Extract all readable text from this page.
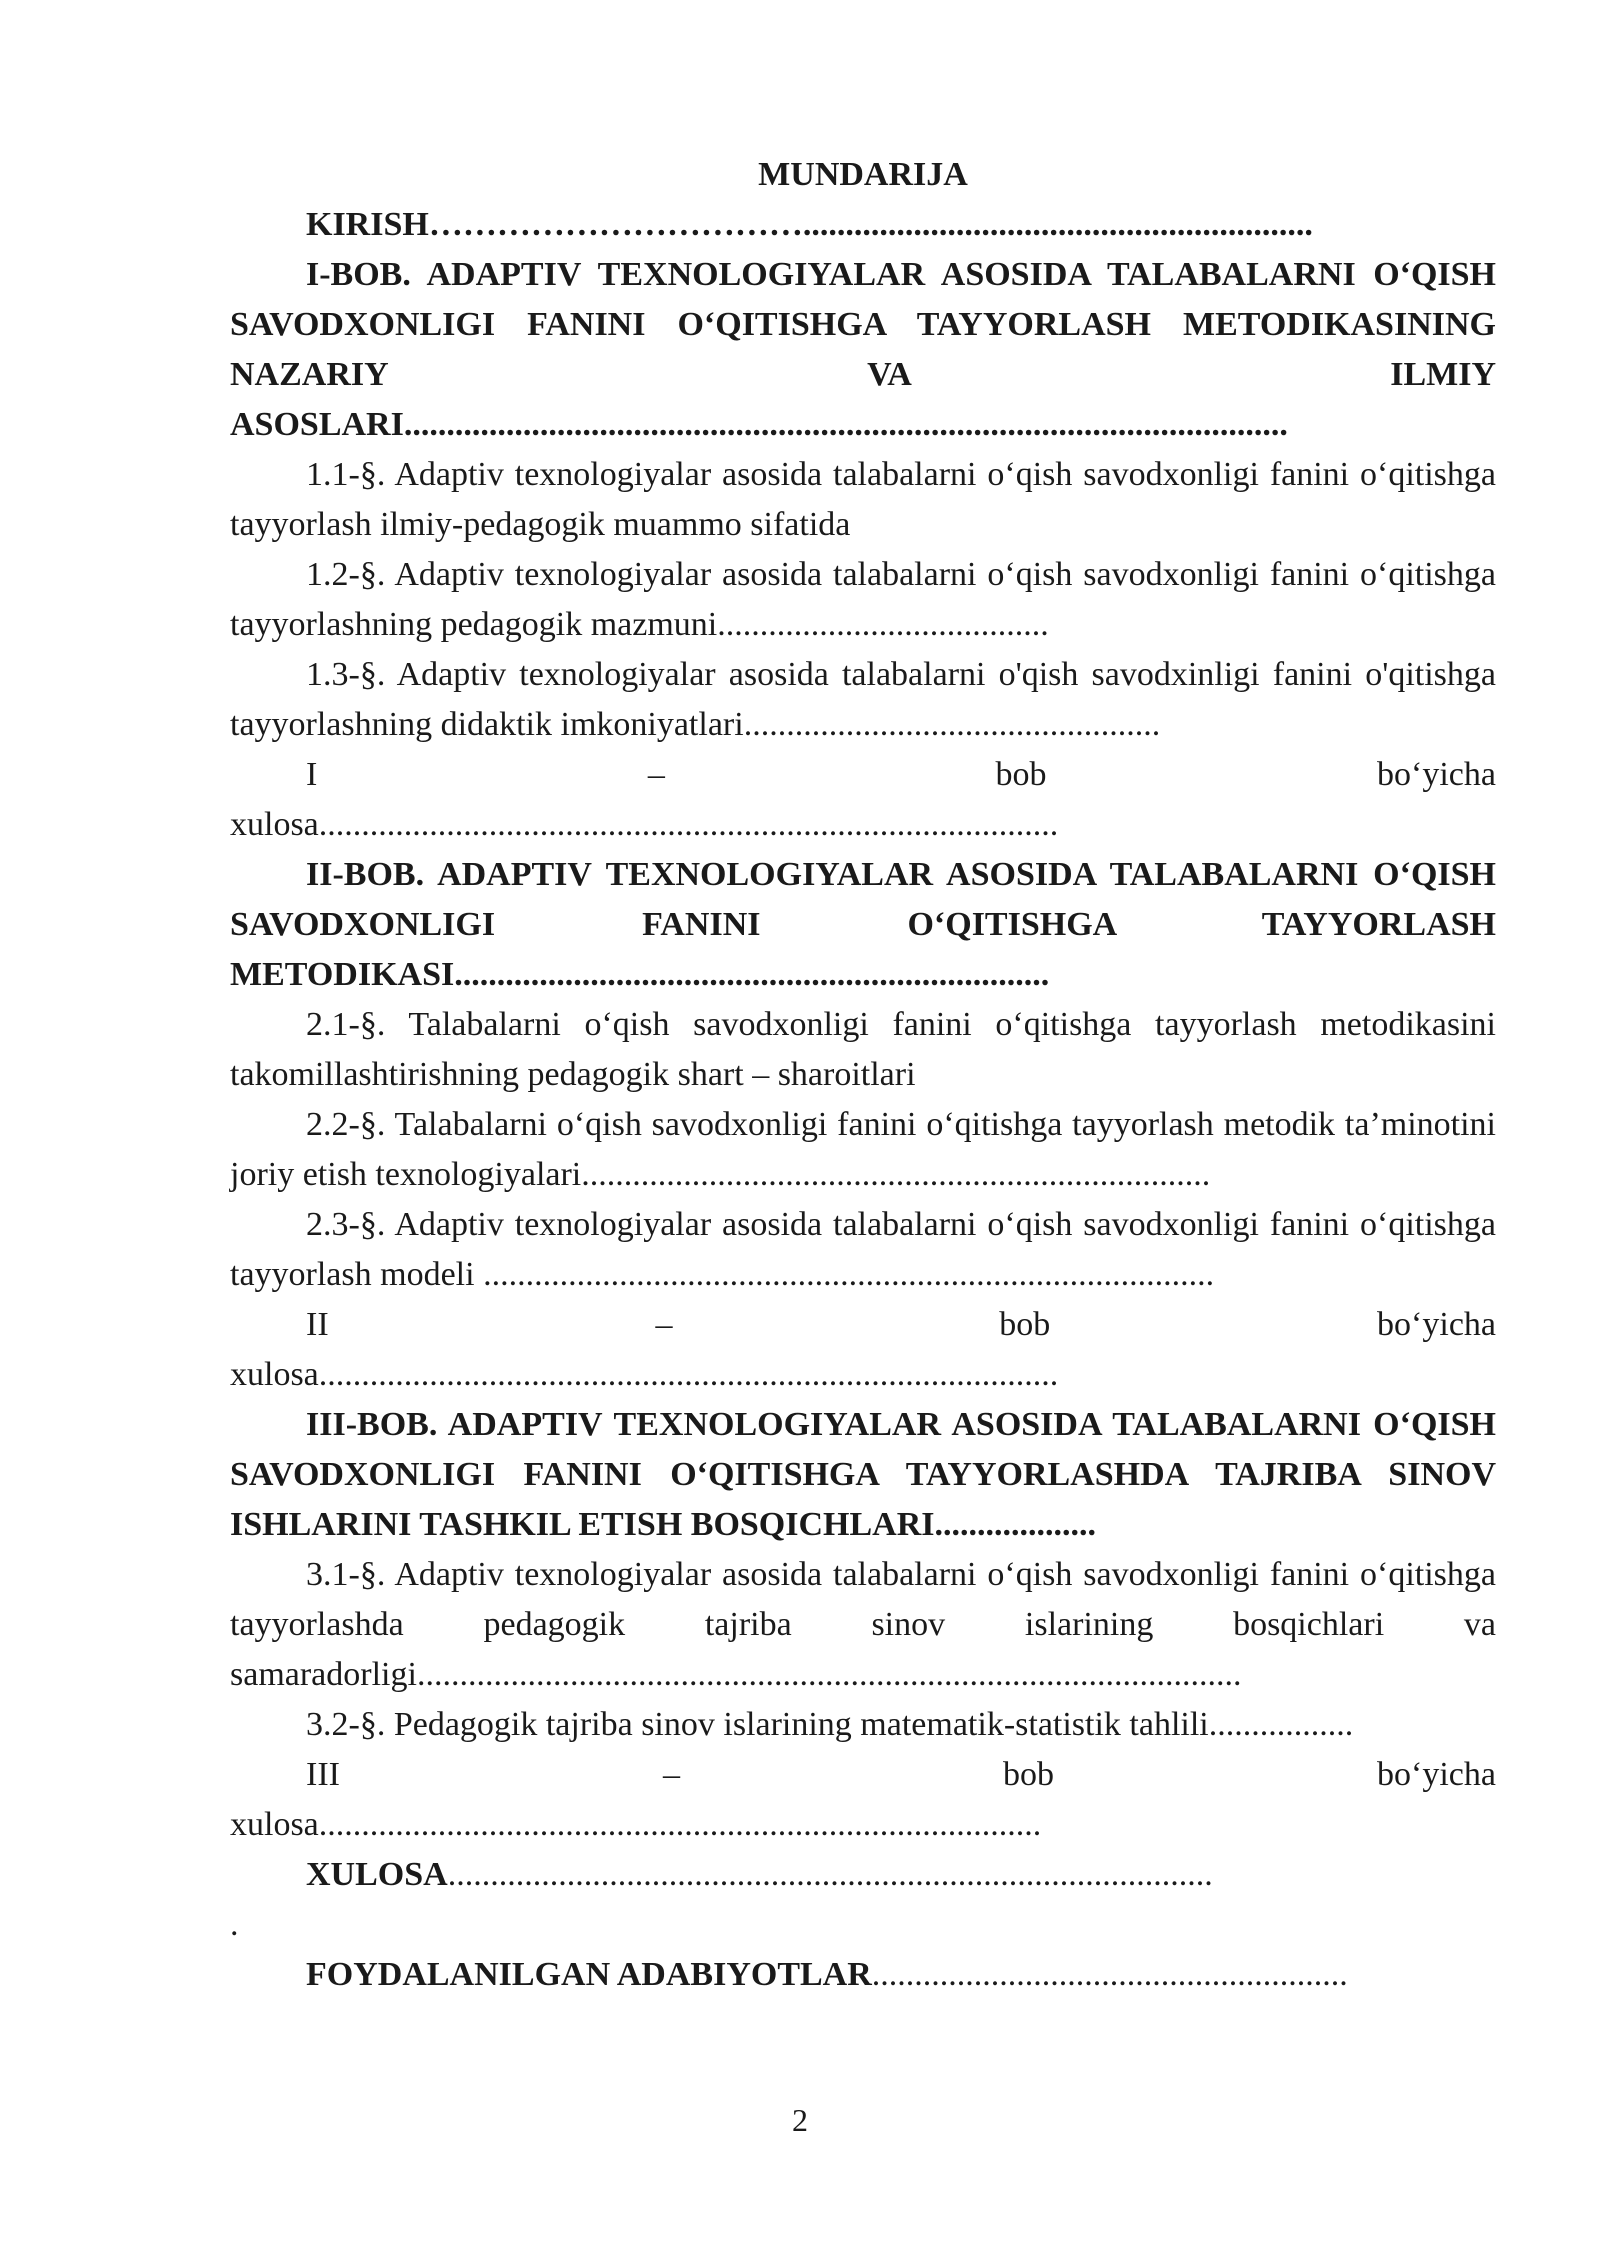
MUNDARIJA

KIRISH……………………………............................................................

I-BOB. ADAPTIV TEXNOLOGIYALAR ASOSIDA TALABALARNI O‘QISH SAVODXONLIGI FANINI O‘QITISHGA TAYYORLASH METODIKASINING NAZARIY VA ILMIY ASOSLARI........................................................................................................

1.1-§. Adaptiv texnologiyalar asosida talabalarni o‘qish savodxonligi fanini o‘qitishga tayyorlash ilmiy-pedagogik muammo sifatida

1.2-§. Adaptiv texnologiyalar asosida talabalarni o‘qish savodxonligi fanini o‘qitishga tayyorlashning pedagogik mazmuni.......................................

1.3-§. Adaptiv texnologiyalar asosida talabalarni o'qish savodxinligi fanini o'qitishga tayyorlashning didaktik imkoniyatlari.................................................

I	–	bob	bo‘yicha
xulosa.......................................................................................

II-BOB. ADAPTIV TEXNOLOGIYALAR ASOSIDA TALABALARNI O‘QISH SAVODXONLIGI FANINI O‘QITISHGA TAYYORLASH METODIKASI......................................................................

2.1-§. Talabalarni o‘qish savodxonligi fanini o‘qitishga tayyorlash metodikasini takomillashtirishning pedagogik shart – sharoitlari

2.2-§. Talabalarni o‘qish savodxonligi fanini o‘qitishga tayyorlash metodik ta’minotini joriy etish texnologiyalari..........................................................................

2.3-§. Adaptiv texnologiyalar asosida talabalarni o‘qish savodxonligi fanini o‘qitishga tayyorlash modeli ......................................................................................

II	–	bob	bo‘yicha
xulosa.......................................................................................

III-BOB. ADAPTIV TEXNOLOGIYALAR ASOSIDA TALABALARNI O‘QISH SAVODXONLIGI FANINI O‘QITISHGA TAYYORLASHDA TAJRIBA SINOV ISHLARINI TASHKIL ETISH BOSQICHLARI...................

3.1-§. Adaptiv texnologiyalar asosida talabalarni o‘qish savodxonligi fanini o‘qitishga tayyorlashda pedagogik tajriba sinov islarining bosqichlari va samaradorligi.................................................................................................

3.2-§. Pedagogik tajriba sinov islarining matematik-statistik tahlili.................

III	–	bob	bo‘yicha
xulosa.....................................................................................

XULOSA..........................................................................................

.

FOYDALANILGAN ADABIYOTLAR........................................................

2
